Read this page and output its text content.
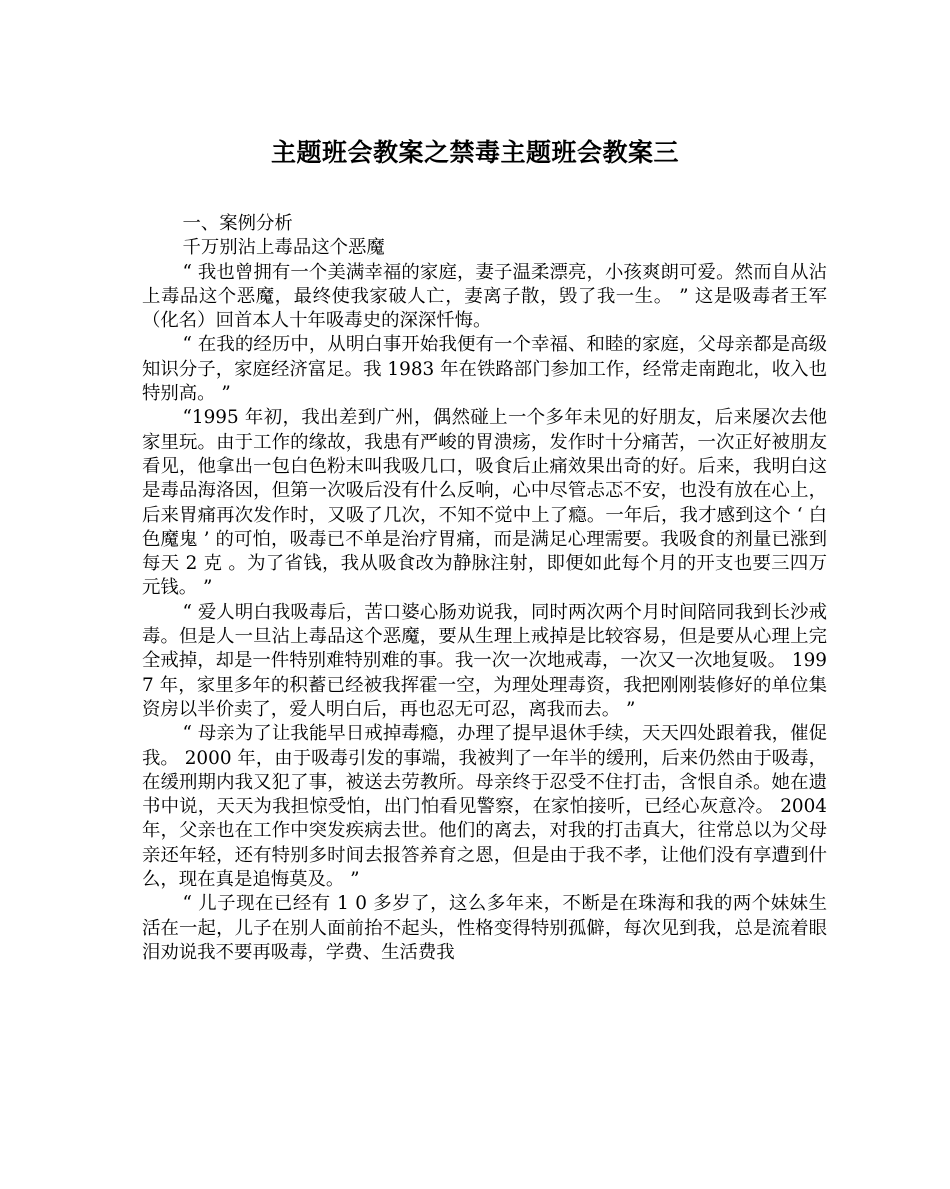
主题班会教案之禁毒主题班会教案三

一、案例分析

千万别沾上毒品这个恶魔

“ 我也曾拥有一个美满幸福的家庭，妻子温柔漂亮，小孩爽朗可爱。然而自从沾上毒品这个恶魔，最终使我家破人亡，妻离子散，毁了我一生。 ” 这是吸毒者王军（化名）回首本人十年吸毒史的深深忏悔。

“ 在我的经历中，从明白事开始我便有一个幸福、和睦的家庭，父母亲都是高级知识分子，家庭经济富足。我 1983 年在铁路部门参加工作，经常走南跑北，收入也特别高。 ”

“1995 年初，我出差到广州，偶然碰上一个多年未见的好朋友，后来屡次去他家里玩。由于工作的缘故，我患有严峻的胃溃疡，发作时十分痛苦，一次正好被朋友看见，他拿出一包白色粉末叫我吸几口，吸食后止痛效果出奇的好。后来，我明白这是毒品海洛因，但第一次吸后没有什么反响，心中尽管忐忑不安，也没有放在心上，后来胃痛再次发作时，又吸了几次，不知不觉中上了瘾。一年后，我才感到这个 ‘ 白色魔鬼 ’ 的可怕，吸毒已不单是治疗胃痛，而是满足心理需要。我吸食的剂量已涨到每天 2 克 。为了省钱，我从吸食改为静脉注射，即便如此每个月的开支也要三四万元钱。 ”

“ 爱人明白我吸毒后，苦口婆心肠劝说我，同时两次两个月时间陪同我到长沙戒毒。但是人一旦沾上毒品这个恶魔，要从生理上戒掉是比较容易，但是要从心理上完全戒掉，却是一件特别难特别难的事。我一次一次地戒毒，一次又一次地复吸。 1997 年，家里多年的积蓄已经被我挥霍一空，为理处理毒资，我把刚刚装修好的单位集资房以半价卖了，爱人明白后，再也忍无可忍，离我而去。 ”

“ 母亲为了让我能早日戒掉毒瘾，办理了提早退休手续，天天四处跟着我，催促我。 2000 年，由于吸毒引发的事端，我被判了一年半的缓刑，后来仍然由于吸毒，在缓刑期内我又犯了事，被送去劳教所。母亲终于忍受不住打击，含恨自杀。她在遗书中说，天天为我担惊受怕，出门怕看见警察，在家怕接听，已经心灰意冷。 2004 年，父亲也在工作中突发疾病去世。他们的离去，对我的打击真大，往常总以为父母亲还年轻，还有特别多时间去报答养育之恩，但是由于我不孝，让他们没有享遭到什么，现在真是追悔莫及。 ”

“ 儿子现在已经有 1 0 多岁了，这么多年来，不断是在珠海和我的两个妹妹生活在一起，儿子在别人面前抬不起头，性格变得特别孤僻，每次见到我，总是流着眼泪劝说我不要再吸毒，学费、生活费我
